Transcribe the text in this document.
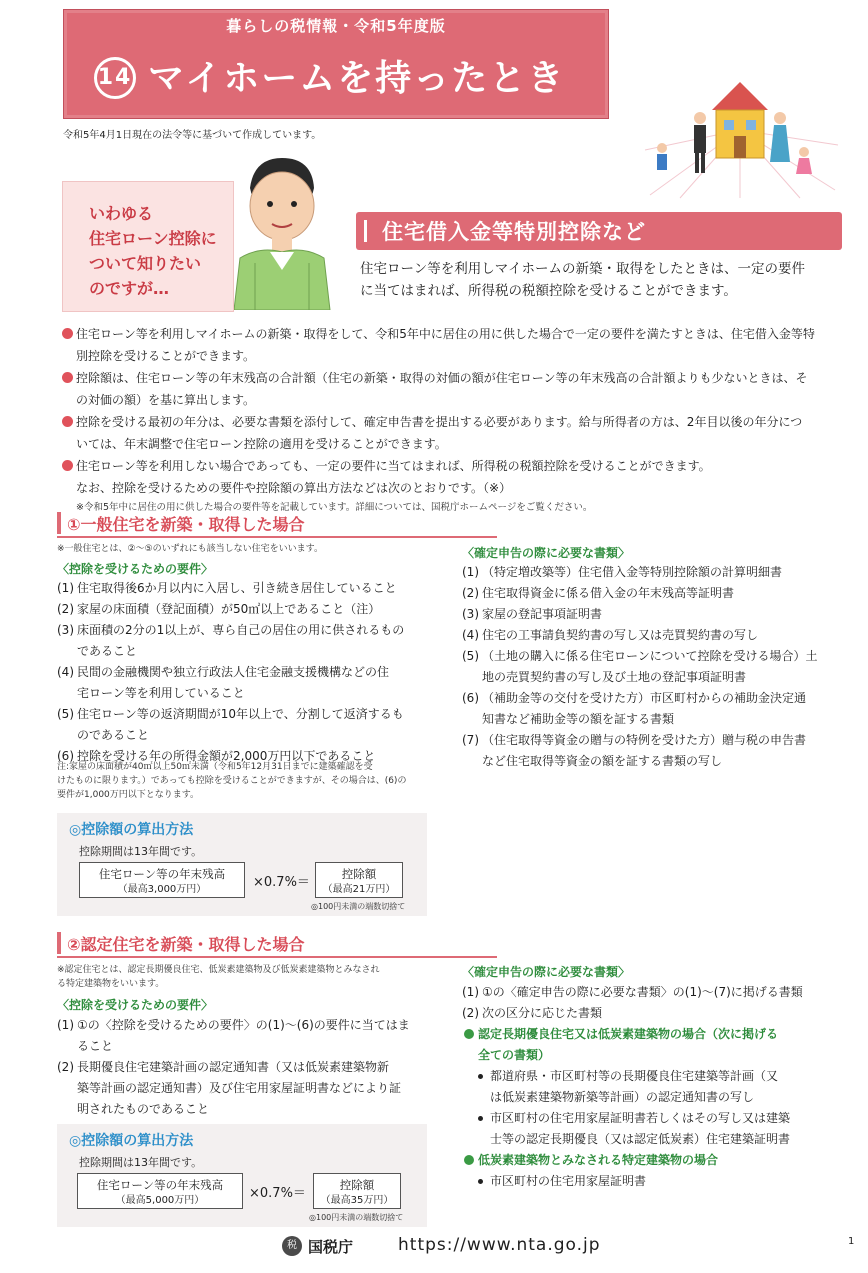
暮らしの税情報・令和5年度版
14 マイホームを持ったとき
令和5年4月1日現在の法令等に基づいて作成しています。
いわゆる
住宅ローン控除に
ついて知りたい
のですが…
住宅借入金等特別控除など
住宅ローン等を利用しマイホームの新築・取得をしたときは、一定の要件
に当てはまれば、所得税の税額控除を受けることができます。
住宅ローン等を利用しマイホームの新築・取得をして、令和5年中に居住の用に供した場合で一定の要件を満たすときは、住宅借入金等特
別控除を受けることができます。
控除額は、住宅ローン等の年末残高の合計額（住宅の新築・取得の対価の額が住宅ローン等の年末残高の合計額よりも少ないときは、そ
の対価の額）を基に算出します。
控除を受ける最初の年分は、必要な書類を添付して、確定申告書を提出する必要があります。給与所得者の方は、2年目以後の年分につ
いては、年末調整で住宅ローン控除の適用を受けることができます。
住宅ローン等を利用しない場合であっても、一定の要件に当てはまれば、所得税の税額控除を受けることができます。
なお、控除を受けるための要件や控除額の算出方法などは次のとおりです。（※）
※令和5年中に居住の用に供した場合の要件等を記載しています。詳細については、国税庁ホームページをご覧ください。
①一般住宅を新築・取得した場合
※一般住宅とは、②～⑤のいずれにも該当しない住宅をいいます。
〈控除を受けるための要件〉
(1) 住宅取得後6か月以内に入居し、引き続き居住していること
(2) 家屋の床面積（登記面積）が50㎡以上であること（注）
(3) 床面積の2分の1以上が、専ら自己の居住の用に供されるもの
であること
(4) 民間の金融機関や独立行政法人住宅金融支援機構などの住
宅ローン等を利用していること
(5) 住宅ローン等の返済期間が10年以上で、分割して返済するも
のであること
(6) 控除を受ける年の所得金額が2,000万円以下であること
注:家屋の床面積が40㎡以上50㎡未満（令和5年12月31日までに建築確認を受
けたものに限ります。）であっても控除を受けることができますが、その場合は、(6)の
要件が1,000万円以下となります。
〈確定申告の際に必要な書類〉
(1) （特定増改築等）住宅借入金等特別控除額の計算明細書
(2) 住宅取得資金に係る借入金の年末残高等証明書
(3) 家屋の登記事項証明書
(4) 住宅の工事請負契約書の写し又は売買契約書の写し
(5) （土地の購入に係る住宅ローンについて控除を受ける場合）土
地の売買契約書の写し及び土地の登記事項証明書
(6) （補助金等の交付を受けた方）市区町村からの補助金決定通
知書など補助金等の額を証する書類
(7) （住宅取得等資金の贈与の特例を受けた方）贈与税の申告書
など住宅取得等資金の額を証する書類の写し
◎控除額の算出方法
控除期間は13年間です。
住宅ローン等の年末残高
（最高3,000万円）	×0.7%＝
控除額
（最高21万円）
◎100円未満の端数切捨て
②認定住宅を新築・取得した場合
※認定住宅とは、認定長期優良住宅、低炭素建築物及び低炭素建築物とみなされ
る特定建築物をいいます。
〈控除を受けるための要件〉
(1) ①の〈控除を受けるための要件〉の(1)～(6)の要件に当てはま
ること
(2) 長期優良住宅建築計画の認定通知書（又は低炭素建築物新
築等計画の認定通知書）及び住宅用家屋証明書などにより証
明されたものであること
〈確定申告の際に必要な書類〉
(1) ①の〈確定申告の際に必要な書類〉の(1)～(7)に掲げる書類
(2) 次の区分に応じた書類
認定長期優良住宅又は低炭素建築物の場合（次に掲げる
全ての書類）
都道府県・市区町村等の長期優良住宅建築等計画（又
は低炭素建築物新築等計画）の認定通知書の写し
市区町村の住宅用家屋証明書若しくはその写し又は建築
士等の認定長期優良（又は認定低炭素）住宅建築証明書
低炭素建築物とみなされる特定建築物の場合
市区町村の住宅用家屋証明書
◎控除額の算出方法
控除期間は13年間です。
住宅ローン等の年末残高
（最高5,000万円）	×0.7%＝
控除額
（最高35万円）
◎100円未満の端数切捨て
税 国税庁	https://www.nta.go.jp	1
